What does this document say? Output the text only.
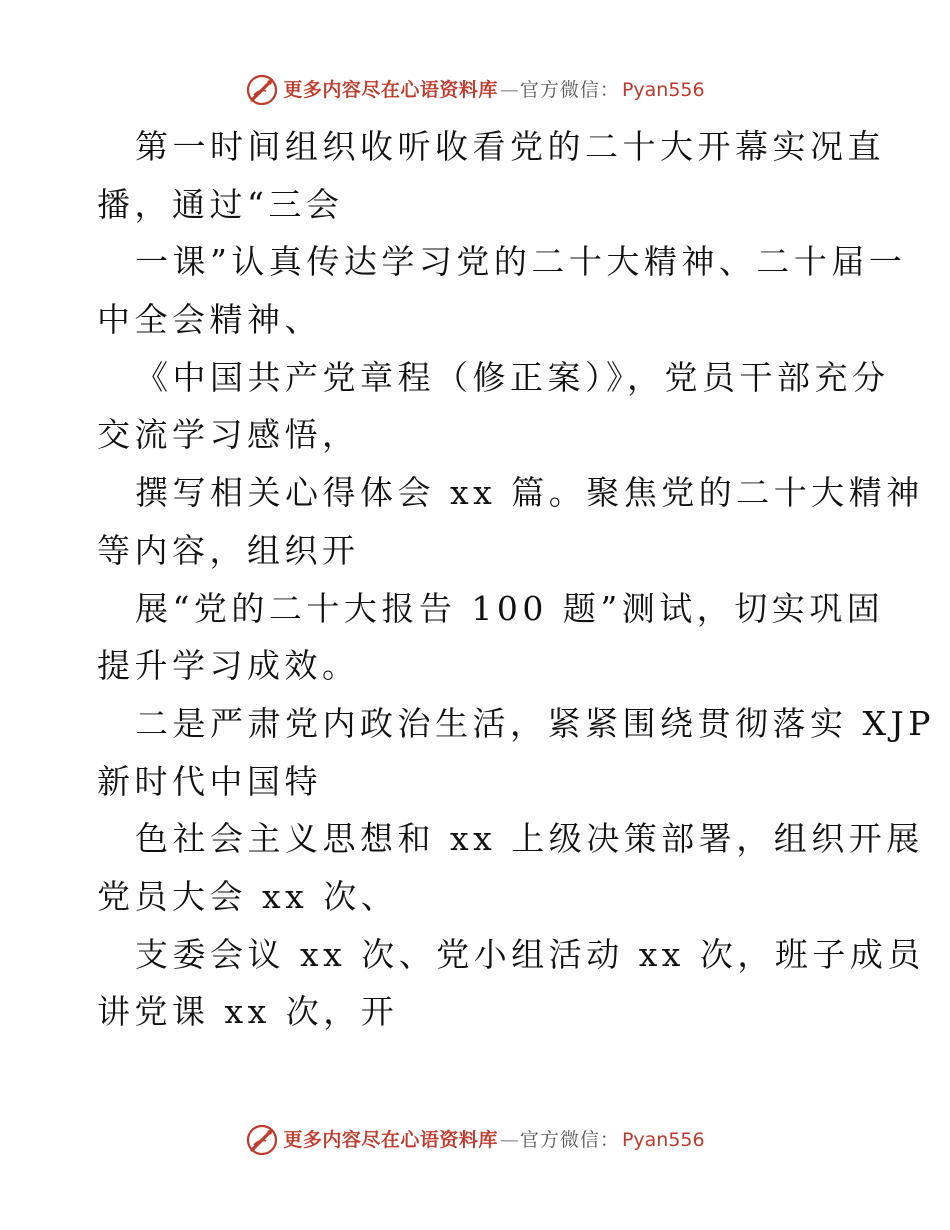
更多内容尽在心语资料库 — 官方微信： Pyan556
第一时间组织收听收看党的二十大开幕实况直
播，通过“三会
一课”认真传达学习党的二十大精神、二十届一
中全会精神、
《中国共产党章程（修正案）》，党员干部充分
交流学习感悟，
撰写相关心得体会 xx 篇。聚焦党的二十大精神
等内容，组织开
展“党的二十大报告 100 题”测试，切实巩固
提升学习成效。
二是严肃党内政治生活，紧紧围绕贯彻落实 XJP
新时代中国特
色社会主义思想和 xx 上级决策部署，组织开展
党员大会 xx 次、
支委会议 xx 次、党小组活动 xx 次，班子成员
讲党课 xx 次，开
更多内容尽在心语资料库 — 官方微信： Pyan556
